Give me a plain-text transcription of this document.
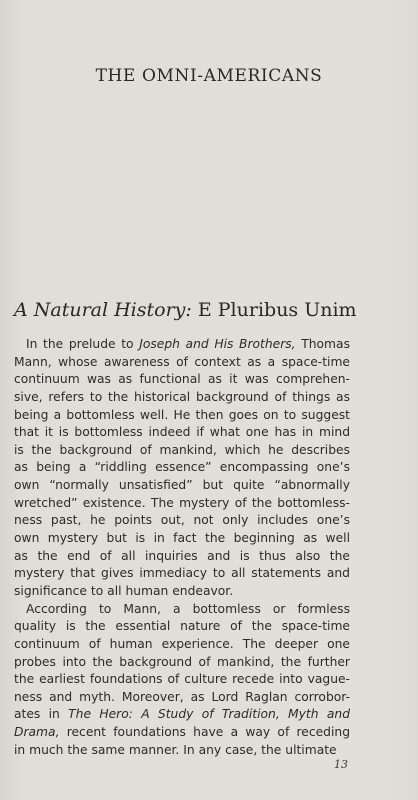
THE OMNI-AMERICANS
A Natural History: E Pluribus Unim
In the prelude to Joseph and His Brothers, Thomas
Mann, whose awareness of context as a space-time
continuum was as functional as it was comprehen-
sive, refers to the historical background of things as
being a bottomless well. He then goes on to suggest
that it is bottomless indeed if what one has in mind
is the background of mankind, which he describes
as being a “riddling essence” encompassing one’s
own “normally unsatisfied” but quite “abnormally
wretched” existence. The mystery of the bottomless-
ness past, he points out, not only includes one’s
own mystery but is in fact the beginning as well
as the end of all inquiries and is thus also the
mystery that gives immediacy to all statements and
significance to all human endeavor.
According to Mann, a bottomless or formless
quality is the essential nature of the space-time
continuum of human experience. The deeper one
probes into the background of mankind, the further
the earliest foundations of culture recede into vague-
ness and myth. Moreover, as Lord Raglan corrobor-
ates in The Hero: A Study of Tradition, Myth and
Drama, recent foundations have a way of receding
in much the same manner. In any case, the ultimate
13
